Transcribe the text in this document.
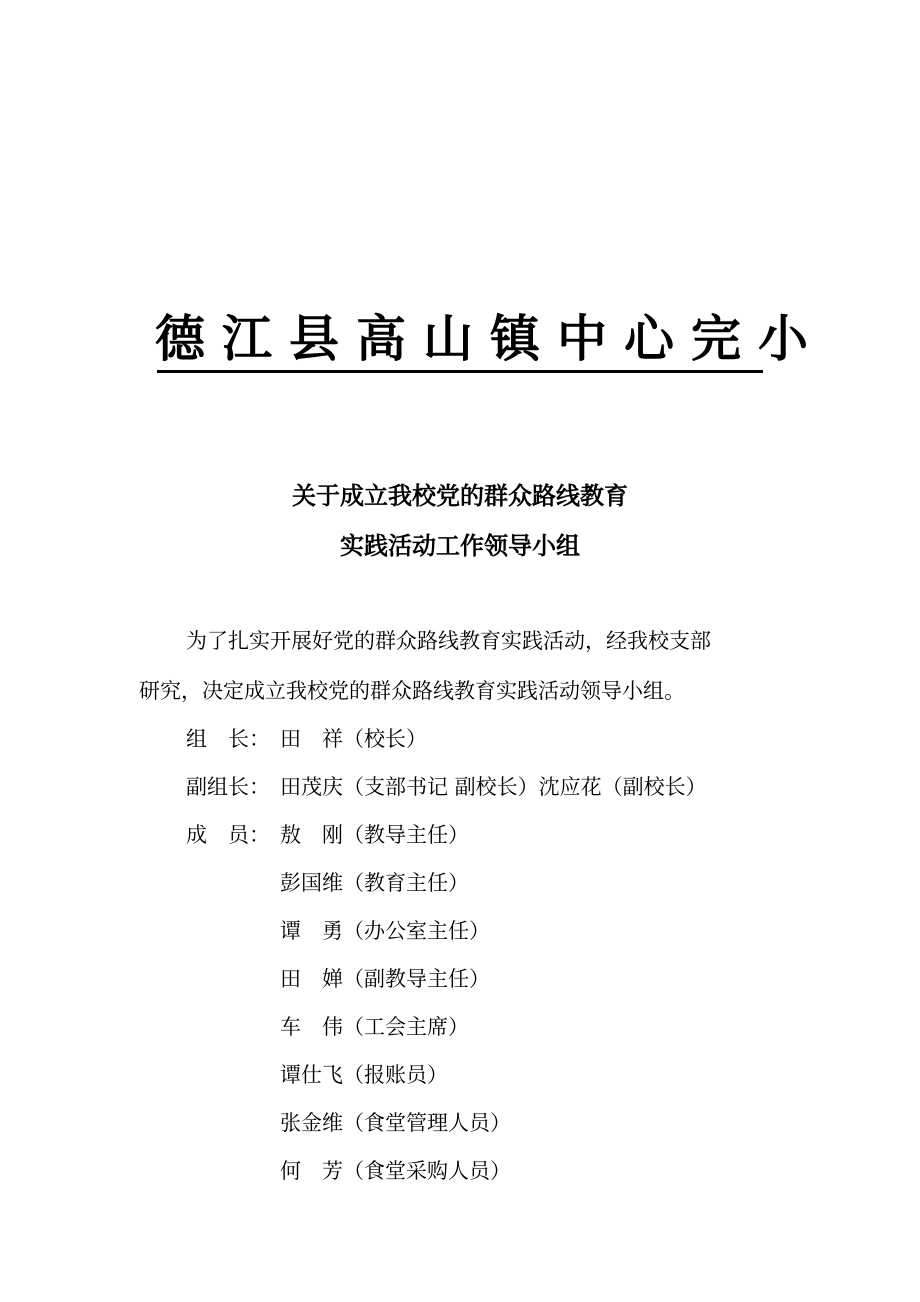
德江县高山镇中心完小
关于成立我校党的群众路线教育
实践活动工作领导小组
为了扎实开展好党的群众路线教育实践活动，经我校支部
研究，决定成立我校党的群众路线教育实践活动领导小组。
组　长： 田　祥（校长）
副组长： 田茂庆（支部书记 副校长）沈应花（副校长）
成　员： 敖　刚（教导主任）
彭国维（教育主任）
谭　勇（办公室主任）
田　婵（副教导主任）
车　伟（工会主席）
谭仕飞（报账员）
张金维（食堂管理人员）
何　芳（食堂采购人员）
